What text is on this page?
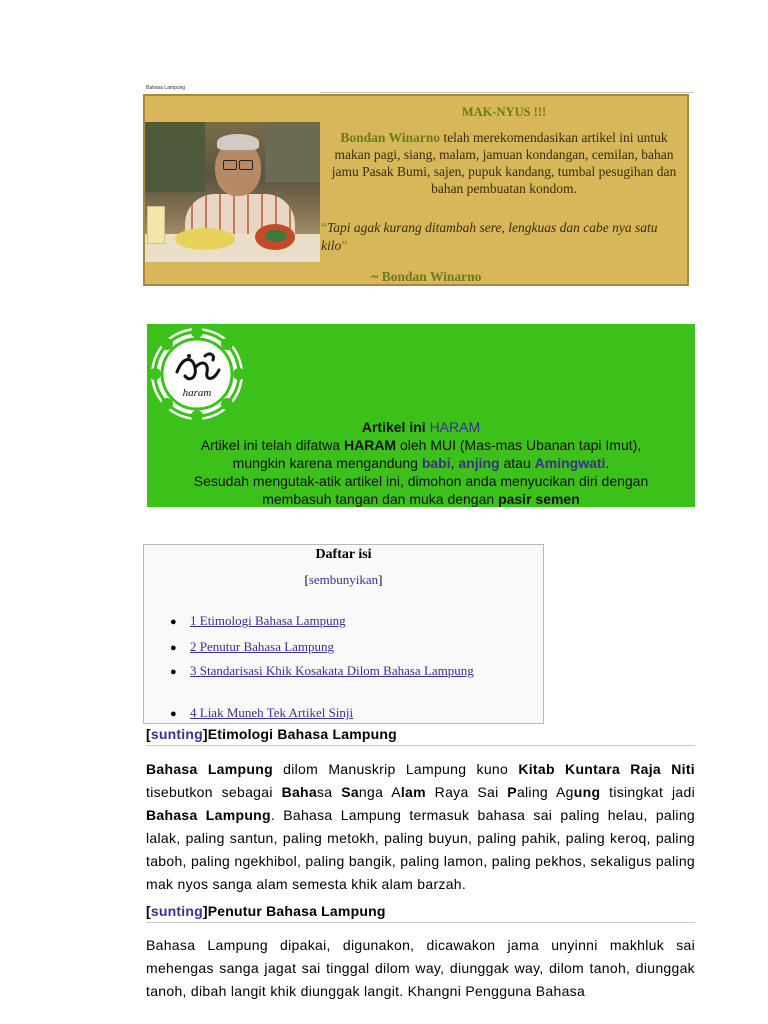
Bahasa Lampung
MAK-NYUS !!!
Bondan Winarno telah merekomendasikan artikel ini untuk makan pagi, siang, malam, jamuan kondangan, cemilan, bahan jamu Pasak Bumi, sajen, pupuk kandang, tumbal pesugihan dan bahan pembuatan kondom.
“Tapi agak kurang ditambah sere, lengkuas dan cabe nya satu kilo”
~ Bondan Winarno
haram
Artikel ini HARAM
Artikel ini telah difatwa HARAM oleh MUI (Mas-mas Ubanan tapi Imut),
mungkin karena mengandung babi, anjing atau Amingwati.
Sesudah mengutak-atik artikel ini, dimohon anda menyucikan diri dengan
membasuh tangan dan muka dengan pasir semen
Daftar isi
[sembunyikan]
● 1 Etimologi Bahasa Lampung
● 2 Penutur Bahasa Lampung
● 3 Standarisasi Khik Kosakata Dilom Bahasa Lampung
● 4 Liak Muneh Tek Artikel Sinji
[sunting]Etimologi Bahasa Lampung
Bahasa Lampung dilom Manuskrip Lampung kuno Kitab Kuntara Raja Niti tisebutkon sebagai Bahasa Sanga Alam Raya Sai Paling Agung tisingkat jadi Bahasa Lampung. Bahasa Lampung termasuk bahasa sai paling helau, paling lalak, paling santun, paling metokh, paling buyun, paling pahik, paling keroq, paling taboh, paling ngekhibol, paling bangik, paling lamon, paling pekhos, sekaligus paling mak nyos sanga alam semesta khik alam barzah.
[sunting]Penutur Bahasa Lampung
Bahasa Lampung dipakai, digunakon, dicawakon jama unyinni makhluk sai mehengas sanga jagat sai tinggal dilom way, diunggak way, dilom tanoh, diunggak tanoh, dibah langit khik diunggak langit. Khangni Pengguna Bahasa
